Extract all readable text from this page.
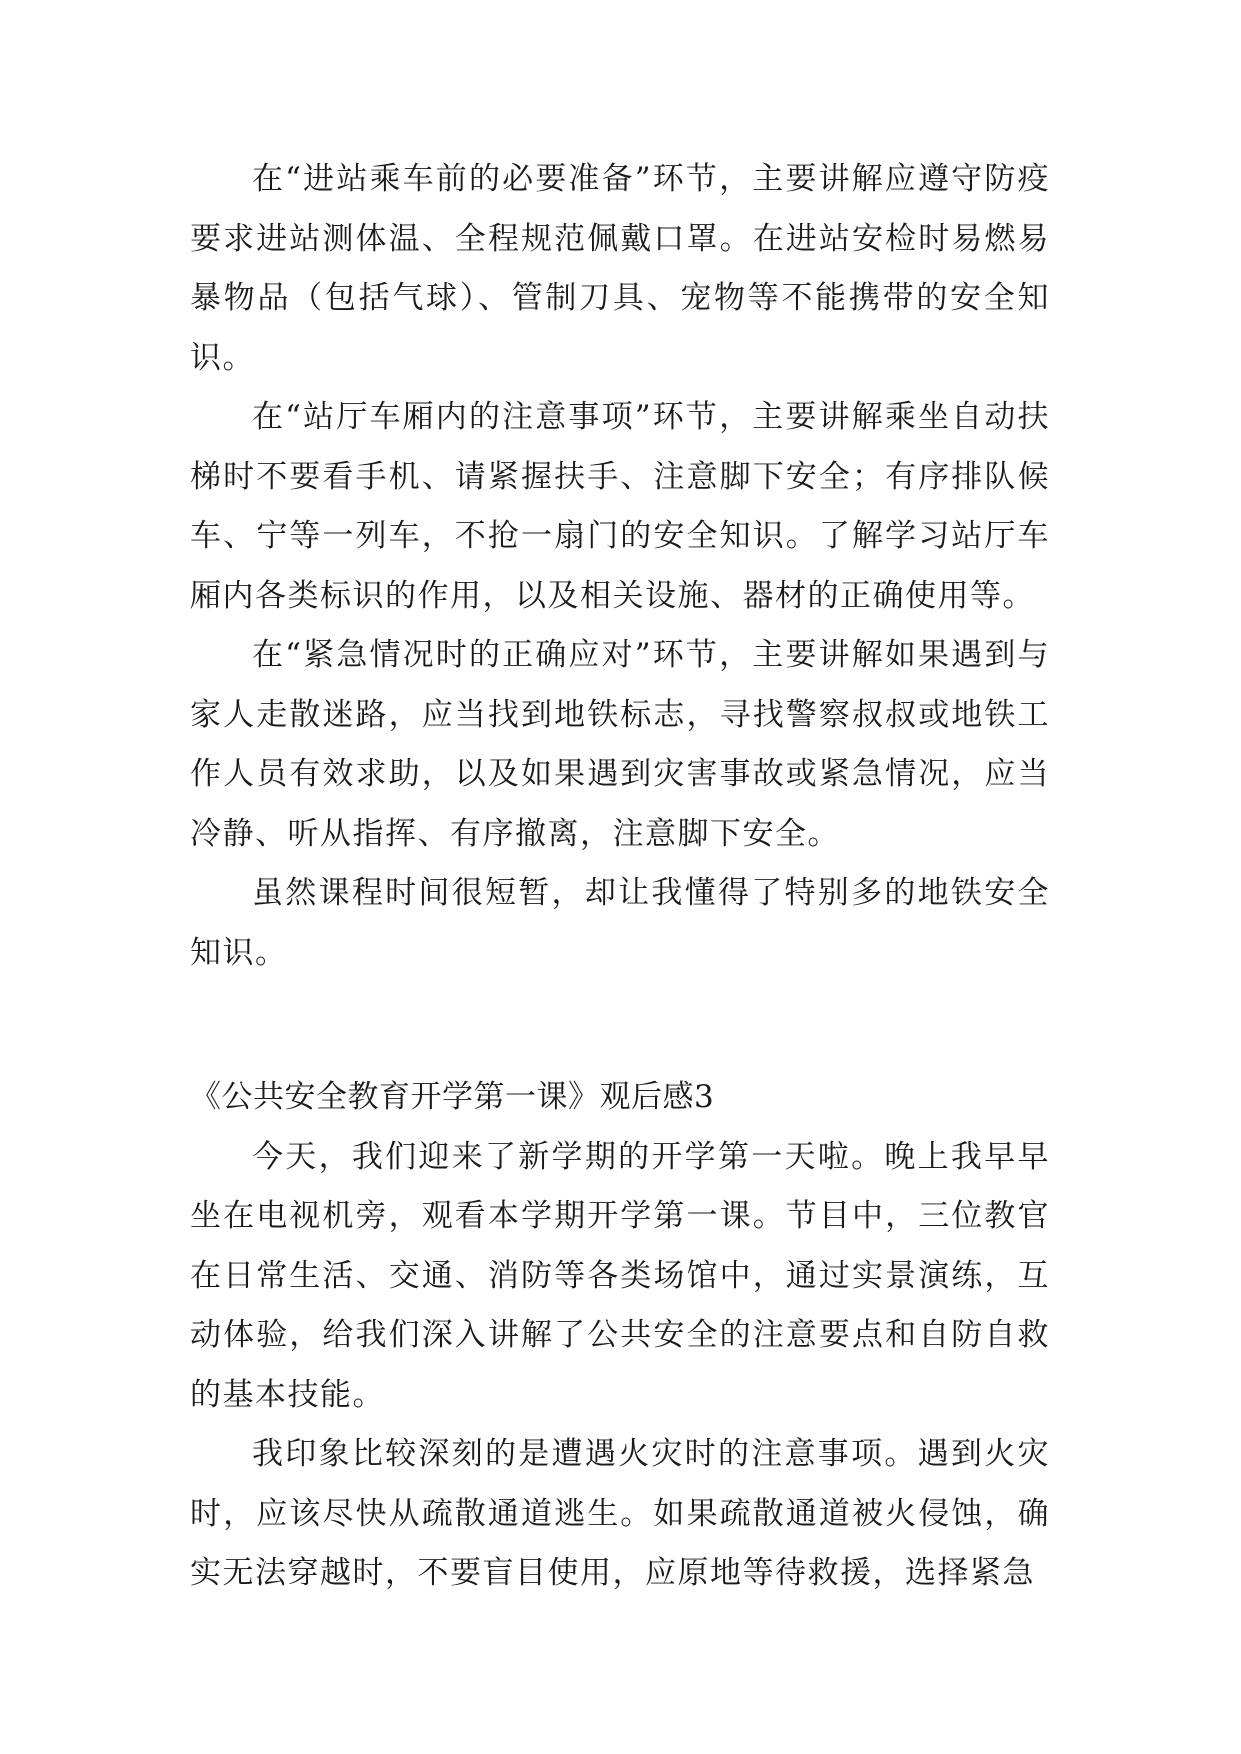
在“进站乘车前的必要准备”环节，主要讲解应遵守防疫要求进站测体温、全程规范佩戴口罩。在进站安检时易燃易暴物品（包括气球）、管制刀具、宠物等不能携带的安全知识。

在“站厅车厢内的注意事项”环节，主要讲解乘坐自动扶梯时不要看手机、请紧握扶手、注意脚下安全；有序排队候车、宁等一列车，不抢一扇门的安全知识。了解学习站厅车厢内各类标识的作用，以及相关设施、器材的正确使用等。

在“紧急情况时的正确应对”环节，主要讲解如果遇到与家人走散迷路，应当找到地铁标志，寻找警察叔叔或地铁工作人员有效求助，以及如果遇到灾害事故或紧急情况，应当冷静、听从指挥、有序撤离，注意脚下安全。

虽然课程时间很短暂，却让我懂得了特别多的地铁安全知识。

《公共安全教育开学第一课》观后感3

今天，我们迎来了新学期的开学第一天啦。晚上我早早坐在电视机旁，观看本学期开学第一课。节目中，三位教官在日常生活、交通、消防等各类场馆中，通过实景演练，互动体验，给我们深入讲解了公共安全的注意要点和自防自救的基本技能。

我印象比较深刻的是遭遇火灾时的注意事项。遇到火灾时，应该尽快从疏散通道逃生。如果疏散通道被火侵蚀，确实无法穿越时，不要盲目使用，应原地等待救援，选择紧急
